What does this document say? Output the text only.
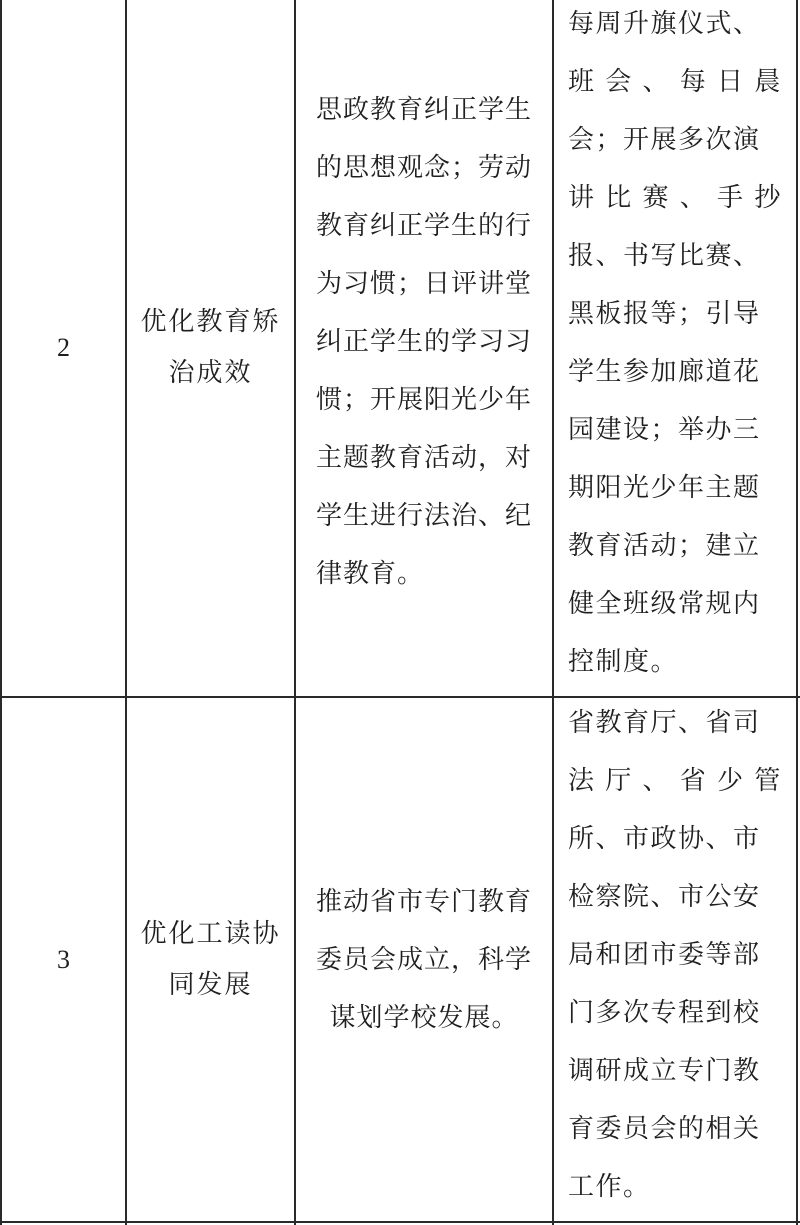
2
优化教育矫
治成效
思政教育纠正学生
的思想观念；劳动
教育纠正学生的行
为习惯；日评讲堂
纠正学生的学习习
惯；开展阳光少年
主题教育活动，对
学生进行法治、纪
律教育。
每周升旗仪式、
班 会 、 每 日 晨
会；开展多次演
讲 比 赛 、 手 抄
报、书写比赛、
黑板报等；引导
学生参加廊道花
园建设；举办三
期阳光少年主题
教育活动；建立
健全班级常规内
控制度。
3
优化工读协
同发展
推动省市专门教育
委员会成立，科学
谋划学校发展。
省教育厅、省司
法 厅 、 省 少 管
所、市政协、市
检察院、市公安
局和团市委等部
门多次专程到校
调研成立专门教
育委员会的相关
工作。
